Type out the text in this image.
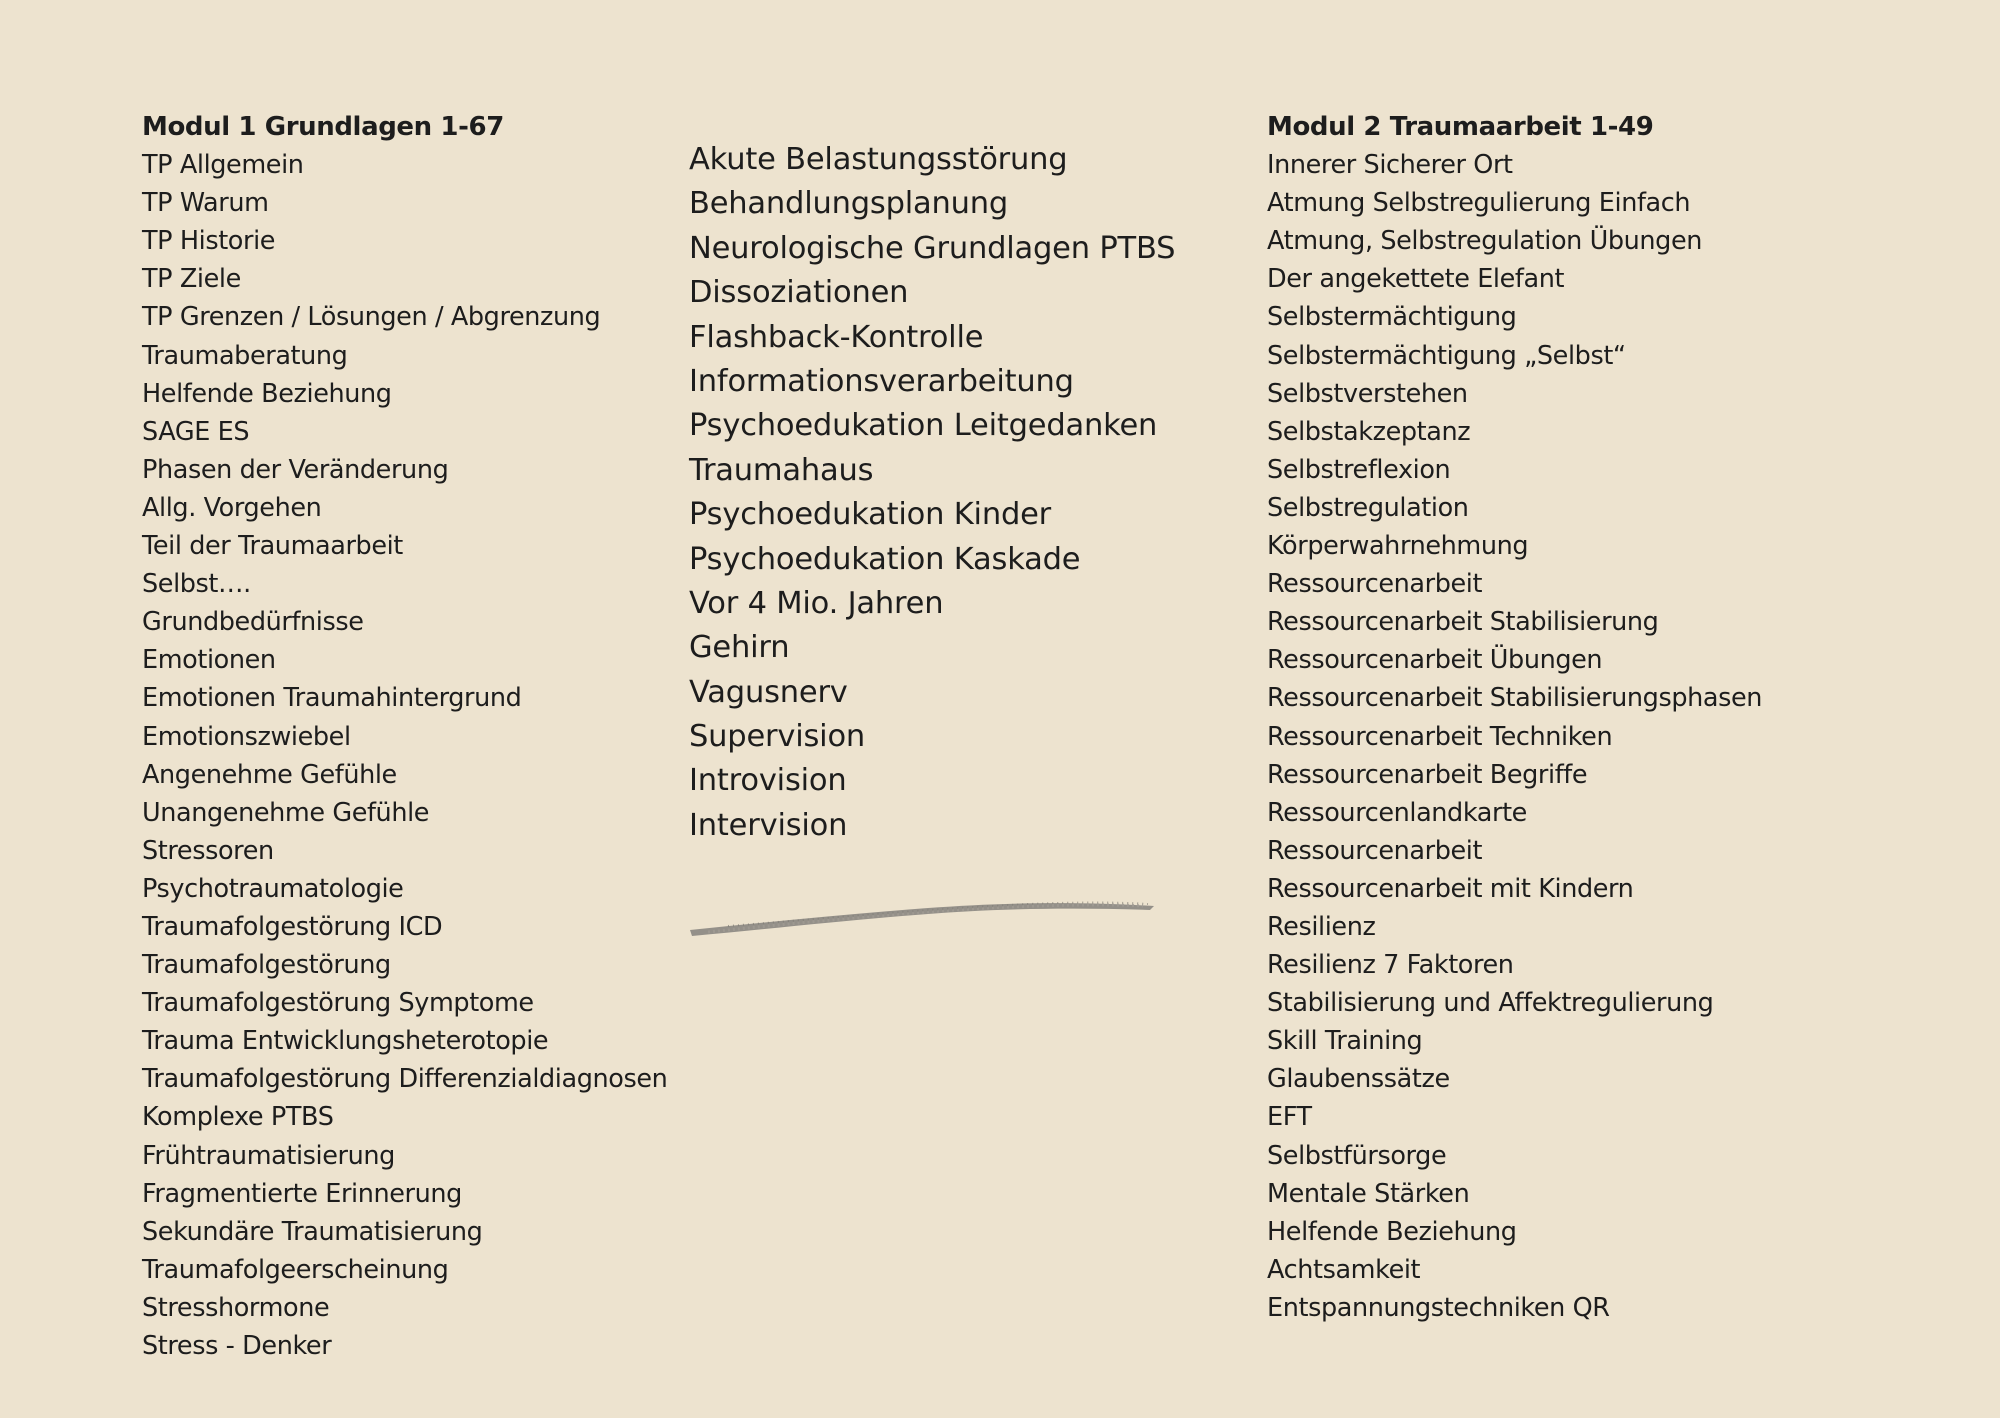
Modul 1 Grundlagen 1-67
TP Allgemein
TP Warum
TP Historie
TP Ziele
TP Grenzen / Lösungen / Abgrenzung
Traumaberatung
Helfende Beziehung
SAGE ES
Phasen der Veränderung
Allg. Vorgehen
Teil der Traumaarbeit
Selbst….
Grundbedürfnisse
Emotionen
Emotionen Traumahintergrund
Emotionszwiebel
Angenehme Gefühle
Unangenehme Gefühle
Stressoren
Psychotraumatologie
Traumafolgestörung ICD
Traumafolgestörung
Traumafolgestörung Symptome
Trauma Entwicklungsheterotopie
Traumafolgestörung Differenzialdiagnosen
Komplexe PTBS
Frühtraumatisierung
Fragmentierte Erinnerung
Sekundäre Traumatisierung
Traumafolgeerscheinung
Stresshormone
Stress - Denker
Akute Belastungsstörung
Behandlungsplanung
Neurologische Grundlagen PTBS
Dissoziationen
Flashback-Kontrolle
Informationsverarbeitung
Psychoedukation Leitgedanken
Traumahaus
Psychoedukation Kinder
Psychoedukation Kaskade
Vor 4 Mio. Jahren
Gehirn
Vagusnerv
Supervision
Introvision
Intervision
Modul 2 Traumaarbeit 1-49
Innerer Sicherer Ort
Atmung Selbstregulierung Einfach
Atmung, Selbstregulation Übungen
Der angekettete Elefant
Selbstermächtigung
Selbstermächtigung „Selbst“
Selbstverstehen
Selbstakzeptanz
Selbstreflexion
Selbstregulation
Körperwahrnehmung
Ressourcenarbeit
Ressourcenarbeit Stabilisierung
Ressourcenarbeit Übungen
Ressourcenarbeit Stabilisierungsphasen
Ressourcenarbeit Techniken
Ressourcenarbeit Begriffe
Ressourcenlandkarte
Ressourcenarbeit
Ressourcenarbeit mit Kindern
Resilienz
Resilienz 7 Faktoren
Stabilisierung und Affektregulierung
Skill Training
Glaubenssätze
EFT
Selbstfürsorge
Mentale Stärken
Helfende Beziehung
Achtsamkeit
Entspannungstechniken QR
